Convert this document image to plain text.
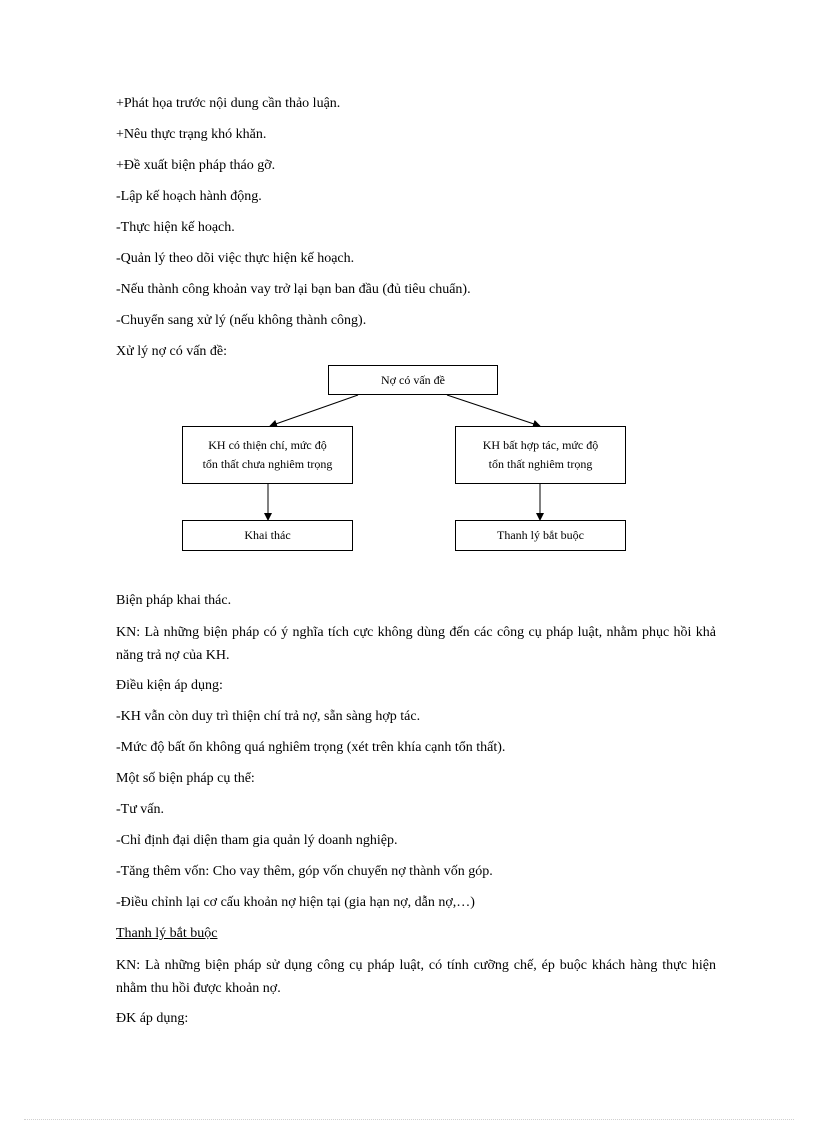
+Phát họa trước nội dung cần thảo luận.
+Nêu thực trạng khó khăn.
+Đề xuất biện pháp tháo gỡ.
-Lập kế hoạch hành động.
-Thực hiện kế hoạch.
-Quản lý theo dõi việc thực hiện kế hoạch.
-Nếu thành công khoản vay trở lại bạn ban đầu (đủ tiêu chuẩn).
-Chuyển sang xử lý (nếu không thành công).
Xử lý nợ có vấn đề:
Nợ có vấn đề
KH có thiện chí, mức độ
tổn thất chưa nghiêm trọng
KH bất hợp tác, mức độ
tổn thất nghiêm trọng
Khai thác	Thanh lý bắt buộc
Biện pháp khai thác.
KN: Là những biện pháp có ý nghĩa tích cực không dùng đến các công cụ pháp luật, nhằm phục hồi khả năng trả nợ của KH.
Điều kiện áp dụng:
-KH vẫn còn duy trì thiện chí trả nợ, sẵn sàng hợp tác.
-Mức độ bất ổn không quá nghiêm trọng (xét trên khía cạnh tổn thất).
Một số biện pháp cụ thể:
-Tư vấn.
-Chỉ định đại diện tham gia quản lý doanh nghiệp.
-Tăng thêm vốn: Cho vay thêm, góp vốn chuyển nợ thành vốn góp.
-Điều chỉnh lại cơ cấu khoản nợ hiện tại (gia hạn nợ, dẫn nợ,…)
Thanh lý bắt buộc
KN: Là những biện pháp sử dụng công cụ pháp luật, có tính cưỡng chế, ép buộc khách hàng thực hiện nhằm thu hồi được khoản nợ.
ĐK áp dụng:
